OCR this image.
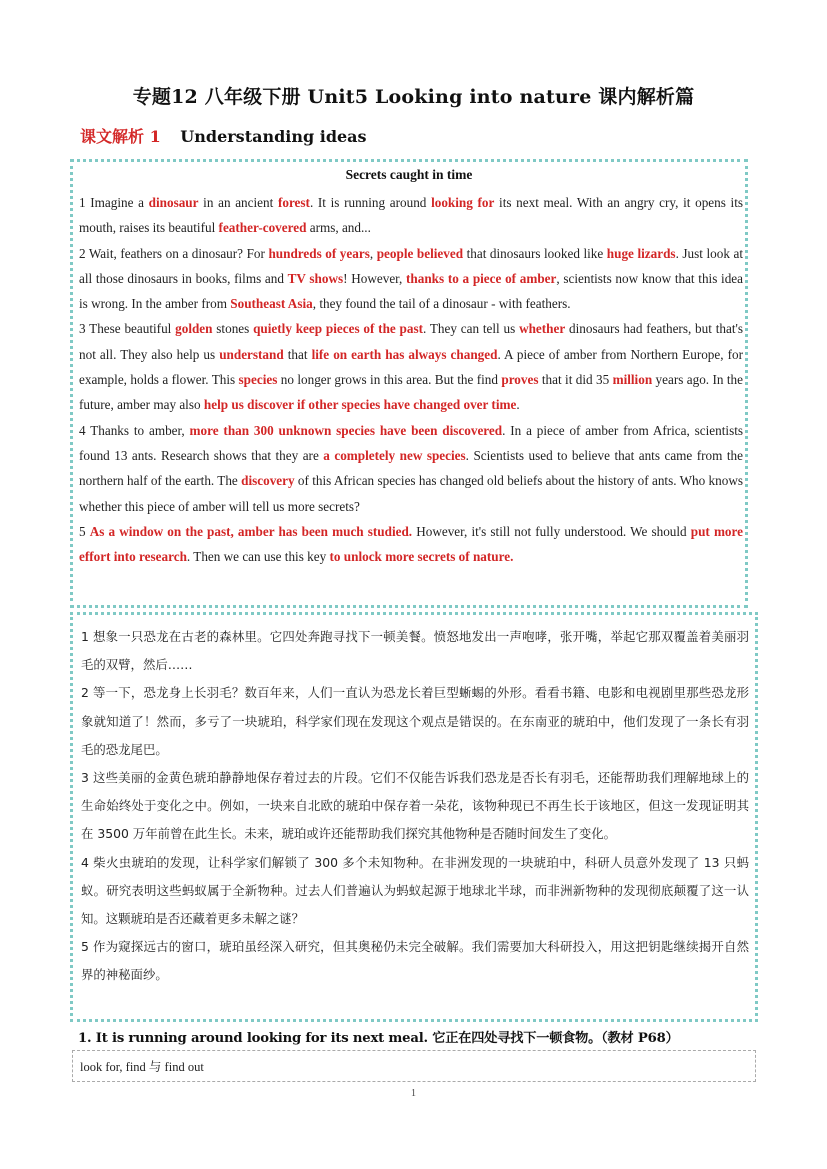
专题12 八年级下册 Unit5 Looking into nature 课内解析篇
课文解析 1 Understanding ideas
Secrets caught in time

1 Imagine a dinosaur in an ancient forest. It is running around looking for its next meal. With an angry cry, it opens its mouth, raises its beautiful feather-covered arms, and...

2 Wait, feathers on a dinosaur? For hundreds of years, people believed that dinosaurs looked like huge lizards. Just look at all those dinosaurs in books, films and TV shows! However, thanks to a piece of amber, scientists now know that this idea is wrong. In the amber from Southeast Asia, they found the tail of a dinosaur - with feathers.

3 These beautiful golden stones quietly keep pieces of the past. They can tell us whether dinosaurs had feathers, but that's not all. They also help us understand that life on earth has always changed. A piece of amber from Northern Europe, for example, holds a flower. This species no longer grows in this area. But the find proves that it did 35 million years ago. In the future, amber may also help us discover if other species have changed over time.

4 Thanks to amber, more than 300 unknown species have been discovered. In a piece of amber from Africa, scientists found 13 ants. Research shows that they are a completely new species. Scientists used to believe that ants came from the northern half of the earth. The discovery of this African species has changed old beliefs about the history of ants. Who knows whether this piece of amber will tell us more secrets?

5 As a window on the past, amber has been much studied. However, it's still not fully understood. We should put more effort into research. Then we can use this key to unlock more secrets of nature.

1 想象一只恐龙在古老的森林里。它四处奔跑寻找下一顿美餐。愤怒地发出一声咆哮，张开嘴，举起它那双覆盖着美丽羽毛的双臂，然后……

2 等一下，恐龙身上长羽毛？数百年来，人们一直认为恐龙长着巨型蜥蜴的外形。看看书籍、电影和电视剧里那些恐龙形象就知道了！然而，多亏了一块琥珀，科学家们现在发现这个观点是错误的。在东南亚的琥珀中，他们发现了一条长有羽毛的恐龙尾巴。

3 这些美丽的金黄色琥珀静静地保存着过去的片段。它们不仅能告诉我们恐龙是否长有羽毛，还能帮助我们理解地球上的生命始终处于变化之中。例如，一块来自北欧的琥珀中保存着一朵花，该物种现已不再生长于该地区，但这一发现证明其在 3500 万年前曾在此生长。未来，琥珀或许还能帮助我们探究其他物种是否随时间发生了变化。

4 柴火虫琥珀的发现，让科学家们解锁了 300 多个未知物种。在非洲发现的一块琥珀中，科研人员意外发现了 13 只蚂蚁。研究表明这些蚂蚁属于全新物种。过去人们普遍认为蚂蚁起源于地球北半球，而非洲新物种的发现彻底颠覆了这一认知。这颗琥珀是否还藏着更多未解之谜？

5 作为窥探远古的窗口，琥珀虽经深入研究，但其奥秘仍未完全破解。我们需要加大科研投入，用这把钥匙继续揭开自然界的神秘面纱。

1. It is running around looking for its next meal. 它正在四处寻找下一顿食物。（教材 P68）
look for, find 与 find out
1
